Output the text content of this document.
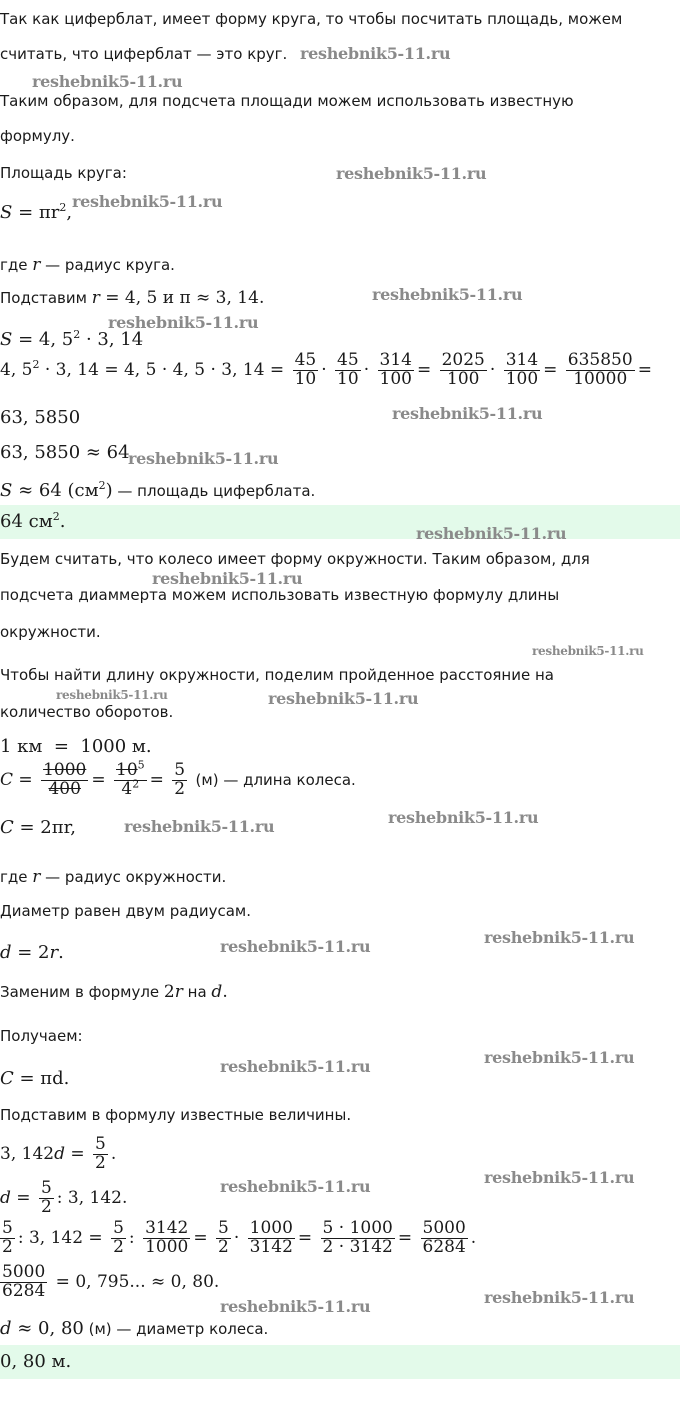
Так как циферблат, имеет форму круга, то чтобы посчитать площадь, можем
считать, что циферблат — это круг.
Таким образом, для подсчета площади можем использовать известную
формулу.
Площадь круга:
$S = \pi r^2$,
где r — радиус круга.
Подставим r = 4, 5 и π ≈ 3, 14.
S = 4, $5^2 \cdot 3$, 14
4, $5^2 \cdot 3$, 14 = 4, 5 · 4, 5 · 3, $14 = \frac{45}{10} \cdot \frac{45}{10} \cdot \frac{314}{100} = \frac{2025}{100} \cdot \frac{314}{100} = \frac{635850}{10000}$ =
63, 5850
63, 5850 ≈ 64
S ≈ 64 $(см^2)$ — площадь циферблата.
64 $см^2$.
Будем считать, что колесо имеет форму окружности. Таким образом, для
подсчета диаммерта можем использовать известную формулу длины
окружности.
Чтобы найти длину окружности, поделим пройденное расстояние на
количество оборотов.
1 км  =  1000 м.
$C = \frac{1000}{400} = \frac{10^5}{4^2} = \frac{5}{2} (м)$ — длина колеса.
C = 2πr,
где r — радиус окружности.
Диаметр равен двум радиусам.
d = 2r.
Заменим в формуле 2r на d.
Получаем:
C = πd.
Подставим в формулу известные величины.
3, $142d = \frac{5}{2}$ .
$d = \frac{5}{2}$ : 3, 142.
$\frac{5}{2}$ : 3, $142 = \frac{5}{2}$ : $\frac{3142}{1000} = \frac{5}{2} \cdot \frac{1000}{3142} = \frac{5 \cdot 1000}{2 \cdot 3142} = \frac{5000}{6284}$ .
$\frac{5000}{6284} = 0$, 795... ≈ 0, 80.
d ≈ 0, 80 (м) — диаметр колеса.
0, 80 м.
reshebnik5-11.ru
reshebnik5-11.ru
reshebnik5-11.ru
reshebnik5-11.ru
reshebnik5-11.ru
reshebnik5-11.ru
reshebnik5-11.ru
reshebnik5-11.ru
reshebnik5-11.ru
reshebnik5-11.ru
reshebnik5-11.ru
reshebnik5-11.ru	reshebnik5-11.ru
reshebnik5-11.ru
reshebnik5-11.ru
reshebnik5-11.ru
reshebnik5-11.ru
reshebnik5-11.ru
reshebnik5-11.ru
reshebnik5-11.ru
reshebnik5-11.ru
reshebnik5-11.ru
reshebnik5-11.ru
